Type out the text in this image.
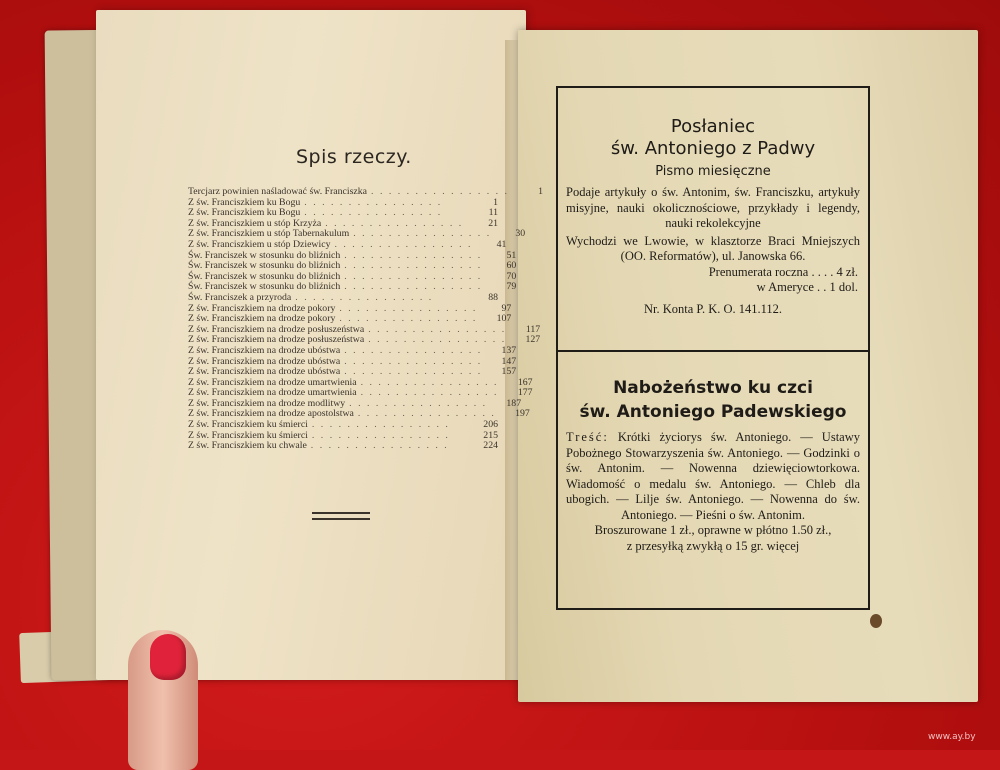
Spis rzeczy.
Tercjarz powinien naśladować św. Franciszka . . . . . . . . . . . . . . . .	1
Z św. Franciszkiem ku Bogu . . . . . . . . . . . . . . . .	1
Z św. Franciszkiem ku Bogu . . . . . . . . . . . . . . . .	11
Z św. Franciszkiem u stóp Krzyża . . . . . . . . . . . . . . . .	21
Z św. Franciszkiem u stóp Tabernakulum . . . . . . . . . . . . . . . .	30
Z św. Franciszkiem u stóp Dziewicy . . . . . . . . . . . . . . . .	41
Św. Franciszek w stosunku do bliźnich . . . . . . . . . . . . . . . .	51
Św. Franciszek w stosunku do bliźnich . . . . . . . . . . . . . . . .	60
Św. Franciszek w stosunku do bliźnich . . . . . . . . . . . . . . . .	70
Św. Franciszek w stosunku do bliźnich . . . . . . . . . . . . . . . .	79
Św. Franciszek a przyroda . . . . . . . . . . . . . . . .	88
Z św. Franciszkiem na drodze pokory . . . . . . . . . . . . . . . .	97
Z św. Franciszkiem na drodze pokory . . . . . . . . . . . . . . . .	107
Z św. Franciszkiem na drodze posłuszeństwa . . . . . . . . . . . . . . . .	117
Z św. Franciszkiem na drodze posłuszeństwa . . . . . . . . . . . . . . . .	127
Z św. Franciszkiem na drodze ubóstwa . . . . . . . . . . . . . . . .	137
Z św. Franciszkiem na drodze ubóstwa . . . . . . . . . . . . . . . .	147
Z św. Franciszkiem na drodze ubóstwa . . . . . . . . . . . . . . . .	157
Z św. Franciszkiem na drodze umartwienia . . . . . . . . . . . . . . . .	167
Z św. Franciszkiem na drodze umartwienia . . . . . . . . . . . . . . . .	177
Z św. Franciszkiem na drodze modlitwy . . . . . . . . . . . . . . . .	187
Z św. Franciszkiem na drodze apostolstwa . . . . . . . . . . . . . . . .	197
Z św. Franciszkiem ku śmierci . . . . . . . . . . . . . . . .	206
Z św. Franciszkiem ku śmierci . . . . . . . . . . . . . . . .	215
Z św. Franciszkiem ku chwale . . . . . . . . . . . . . . . .	224
Posłaniec
św. Antoniego z Padwy
Pismo miesięczne
Podaje artykuły o św. Antonim, św. Franciszku, artykuły misyjne, nauki okolicznościowe, przykłady i legendy, nauki rekolekcyjne
Wychodzi we Lwowie, w klasztorze Braci Mniejszych (OO. Reformatów), ul. Janowska 66.
Prenumerata roczna . . . . 4 zł.
w Ameryce . . 1 dol.
Nr. Konta P. K. O. 141.112.
Nabożeństwo ku czci
św. Antoniego Padewskiego
Treść: Krótki życiorys św. Antoniego. — Ustawy Pobożnego Stowarzyszenia św. Antoniego. — Godzinki o św. Antonim. — Nowenna dziewięciowtorkowa. Wiadomość o medalu św. Antoniego. — Chleb dla ubogich. — Lilje św. Antoniego. — Nowenna do św. Antoniego. — Pieśni o św. Antonim.
Broszurowane 1 zł., oprawne w płótno 1.50 zł.,
z przesyłką zwykłą o 15 gr. więcej
www.ay.by
